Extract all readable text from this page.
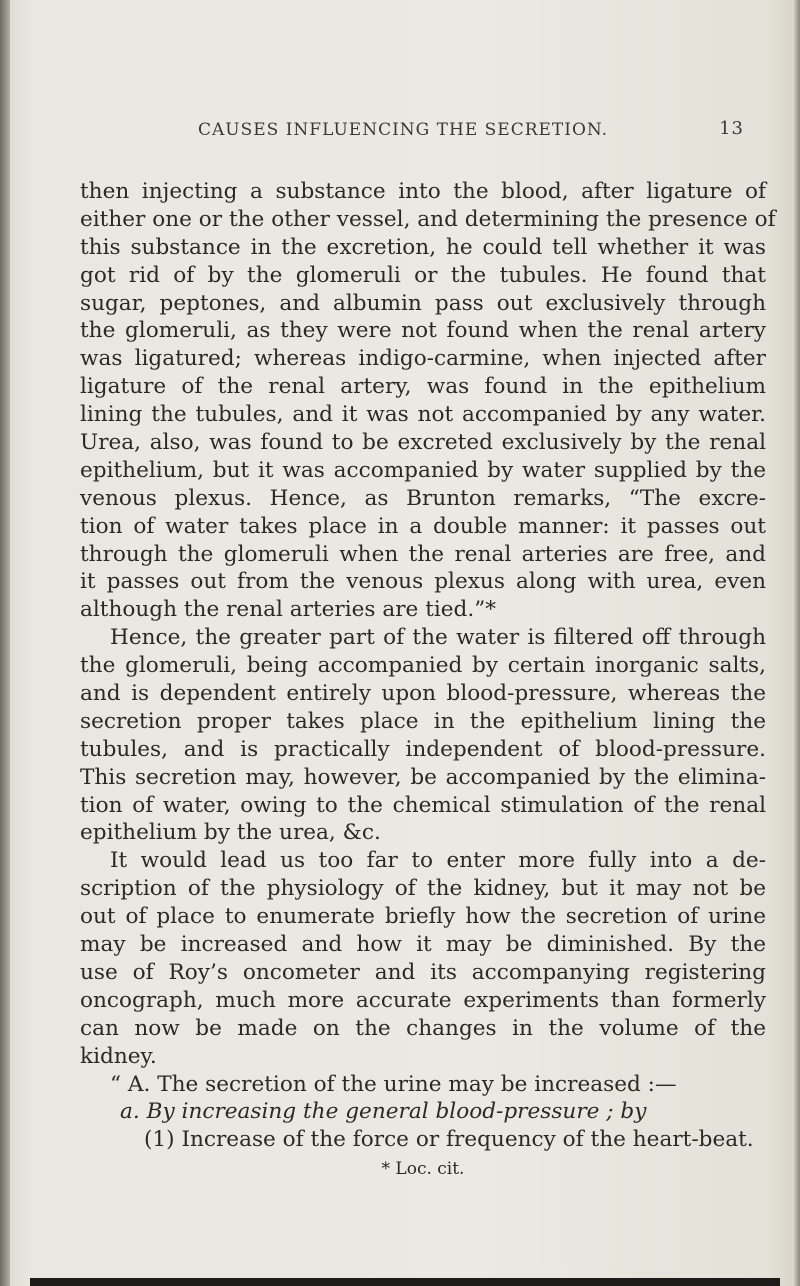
CAUSES INFLUENCING THE SECRETION.	13
then injecting a substance into the blood, after ligature of
either one or the other vessel, and determining the presence of
this substance in the excretion, he could tell whether it was
got rid of by the glomeruli or the tubules. He found that
sugar, peptones, and albumin pass out exclusively through
the glomeruli, as they were not found when the renal artery
was ligatured; whereas indigo-carmine, when injected after
ligature of the renal artery, was found in the epithelium
lining the tubules, and it was not accompanied by any water.
Urea, also, was found to be excreted exclusively by the renal
epithelium, but it was accompanied by water supplied by the
venous plexus. Hence, as Brunton remarks, “The excre-
tion of water takes place in a double manner: it passes out
through the glomeruli when the renal arteries are free, and
it passes out from the venous plexus along with urea, even
although the renal arteries are tied.”*
Hence, the greater part of the water is filtered off through
the glomeruli, being accompanied by certain inorganic salts,
and is dependent entirely upon blood-pressure, whereas the
secretion proper takes place in the epithelium lining the
tubules, and is practically independent of blood-pressure.
This secretion may, however, be accompanied by the elimina-
tion of water, owing to the chemical stimulation of the renal
epithelium by the urea, &c.
It would lead us too far to enter more fully into a de-
scription of the physiology of the kidney, but it may not be
out of place to enumerate briefly how the secretion of urine
may be increased and how it may be diminished. By the
use of Roy’s oncometer and its accompanying registering
oncograph, much more accurate experiments than formerly
can now be made on the changes in the volume of the
kidney.
“ A. The secretion of the urine may be increased :—
a. By increasing the general blood-pressure ; by
(1) Increase of the force or frequency of the heart-beat.
* Loc. cit.
